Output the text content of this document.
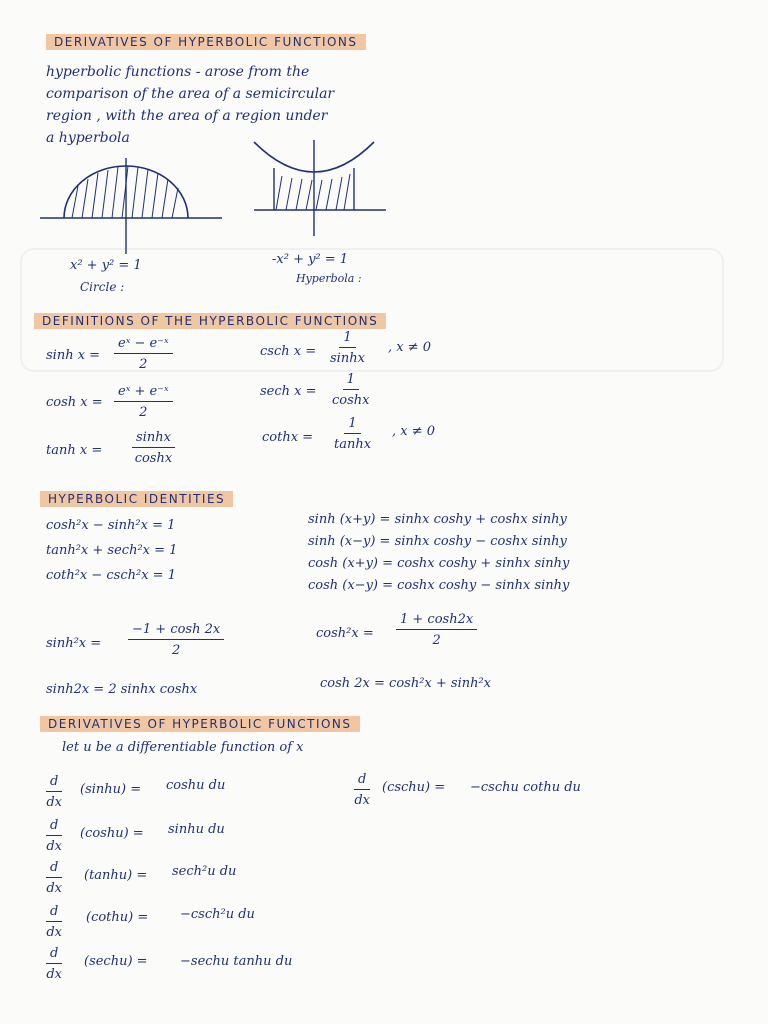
DERIVATIVES OF HYPERBOLIC FUNCTIONS
hyperbolic functions - arose from the
comparison of the area of a semicircular
region , with the area of a region under
a hyperbola
x² + y² = 1
Circle :
-x² + y² = 1
Hyperbola :
DEFINITIONS OF THE HYPERBOLIC FUNCTIONS
$\sinh x = \frac{\text{eˣ − e⁻ˣ}}{2}$
$\cosh x = \frac{\text{eˣ + e⁻ˣ}}{2}$
$\tanh x = \frac{\sinh x}{\cosh x}$
csch $x = \frac{1}{\sinh x}$ , x ≠ 0
sech $x = \frac{1}{\cosh x}$
cothx = $\frac{1}{\tanh x}$ , x ≠ 0
HYPERBOLIC IDENTITIES
cosh²x − sinh²x = 1
tanh²x + sech²x = 1
coth²x − csch²x = 1
sinh (x+y) = sinhx coshy + coshx sinhy
sinh (x−y) = sinhx coshy − coshx sinhy
cosh (x+y) = coshx coshy + sinhx sinhy
cosh (x−y) = coshx coshy − sinhx sinhy
$\sinh^2x = \frac{-1 + \cosh 2x}{2}$	$\cosh^2x = \frac{1 + \cosh 2x}{2}$
sinh2x = 2 sinhx coshx	cosh 2x = cosh²x + sinh²x
DERIVATIVES OF HYPERBOLIC FUNCTIONS
let u be a differentiable function of x
$\frac{d}{dx} (\sinh u) = \cosh u$ du
$\frac{d}{dx} (\cosh u) = \sinh u$ du
$\frac{d}{dx} (\tanh u) = \sec h^2u$ du
$\frac{d}{dx}$ (cothu) = −csch²u du
$\frac{d}{dx}$ (sechu) = −sechu tanhu du
$\frac{d}{dx}$ (cschu) = −cschu cothu du
